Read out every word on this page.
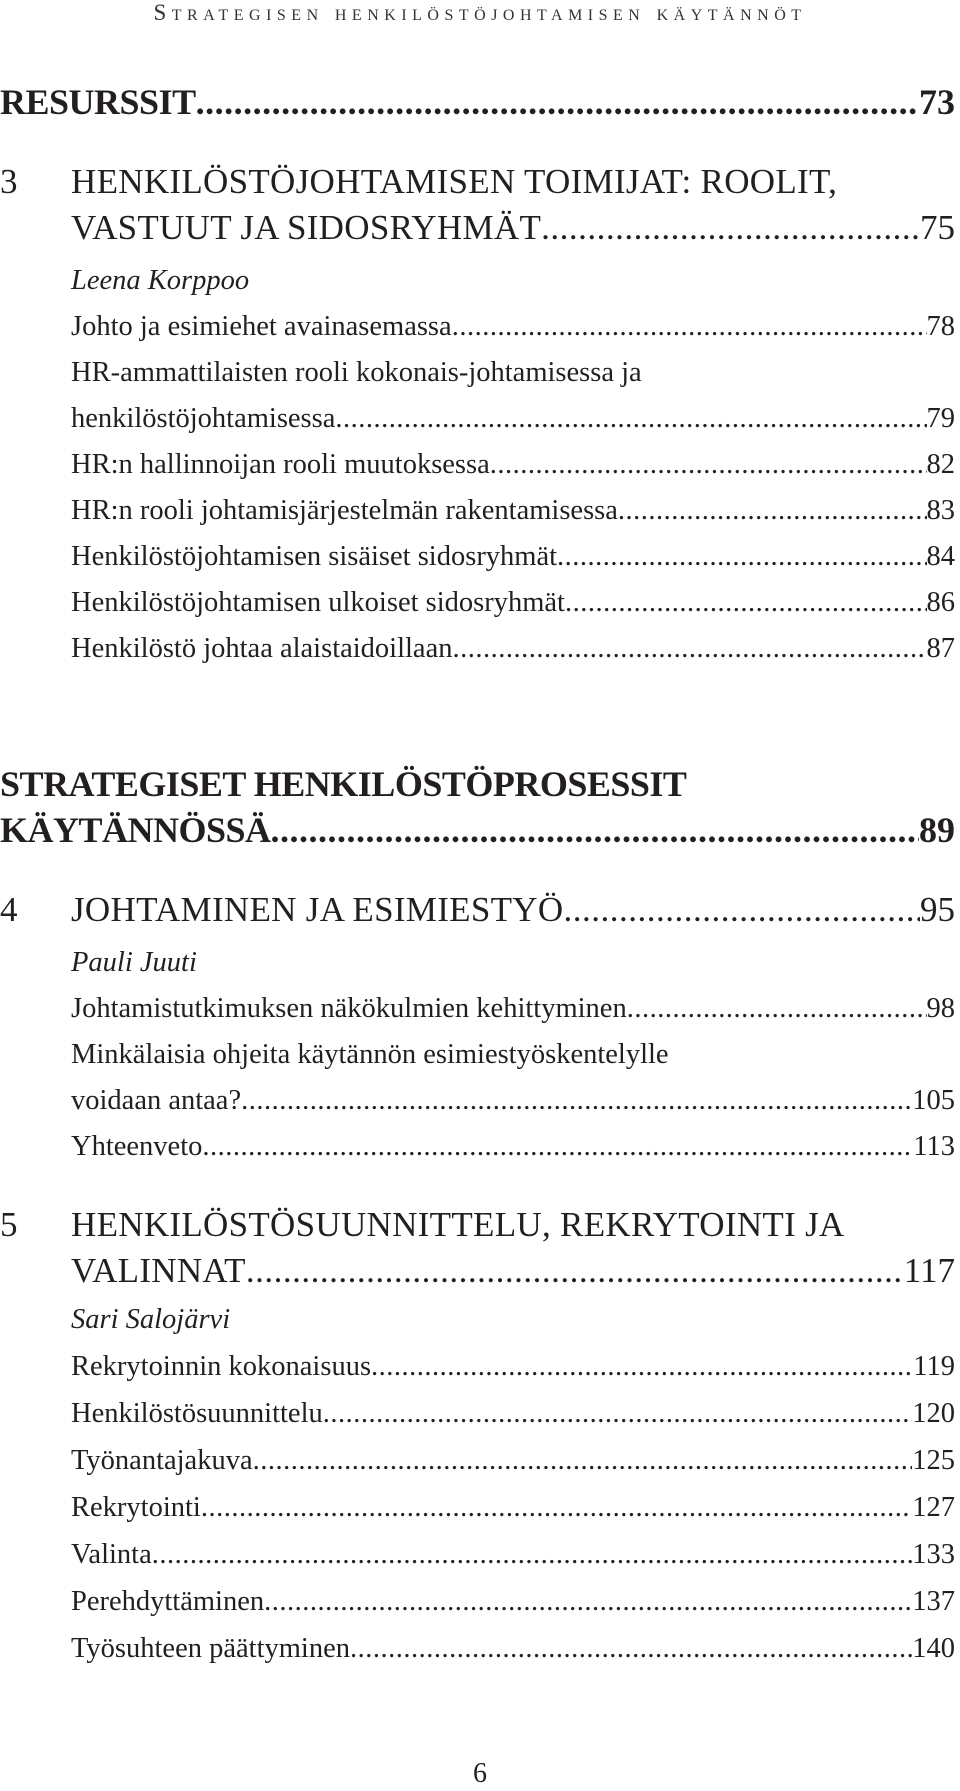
Strategisen henkilöstöjohtamisen käytännöt
RESURSSIT .....	73
3	HENKILÖSTÖJOHTAMISEN TOIMIJAT: ROOLIT,
VASTUUT JA SIDOSRYHMÄT .....	75
Leena Korppoo
Johto ja esimiehet avainasemassa .....	78
HR-ammattilaisten rooli kokonais-johtamisessa ja
henkilöstöjohtamisessa .....	79
HR:n hallinnoijan rooli muutoksessa .....	82
HR:n rooli johtamisjärjestelmän rakentamisessa .....	83
Henkilöstöjohtamisen sisäiset sidosryhmät .....	84
Henkilöstöjohtamisen ulkoiset sidosryhmät .....	86
Henkilöstö johtaa alaistaidoillaan .....	87
STRATEGISET HENKILÖSTÖPROSESSIT
KÄYTÄNNÖSSÄ .....	89
4	JOHTAMINEN JA ESIMIESTYÖ .....	95
Pauli Juuti
Johtamistutkimuksen näkökulmien kehittyminen .....	98
Minkälaisia ohjeita käytännön esimiestyöskentelylle
voidaan antaa? .....	105
Yhteenveto .....	113
5	HENKILÖSTÖSUUNNITTELU, REKRYTOINTI JA
VALINNAT .....	117
Sari Salojärvi
Rekrytoinnin kokonaisuus .....	119
Henkilöstösuunnittelu .....	120
Työnantajakuva .....	125
Rekrytointi .....	127
Valinta .....	133
Perehdyttäminen .....	137
Työsuhteen päättyminen .....	140
6
